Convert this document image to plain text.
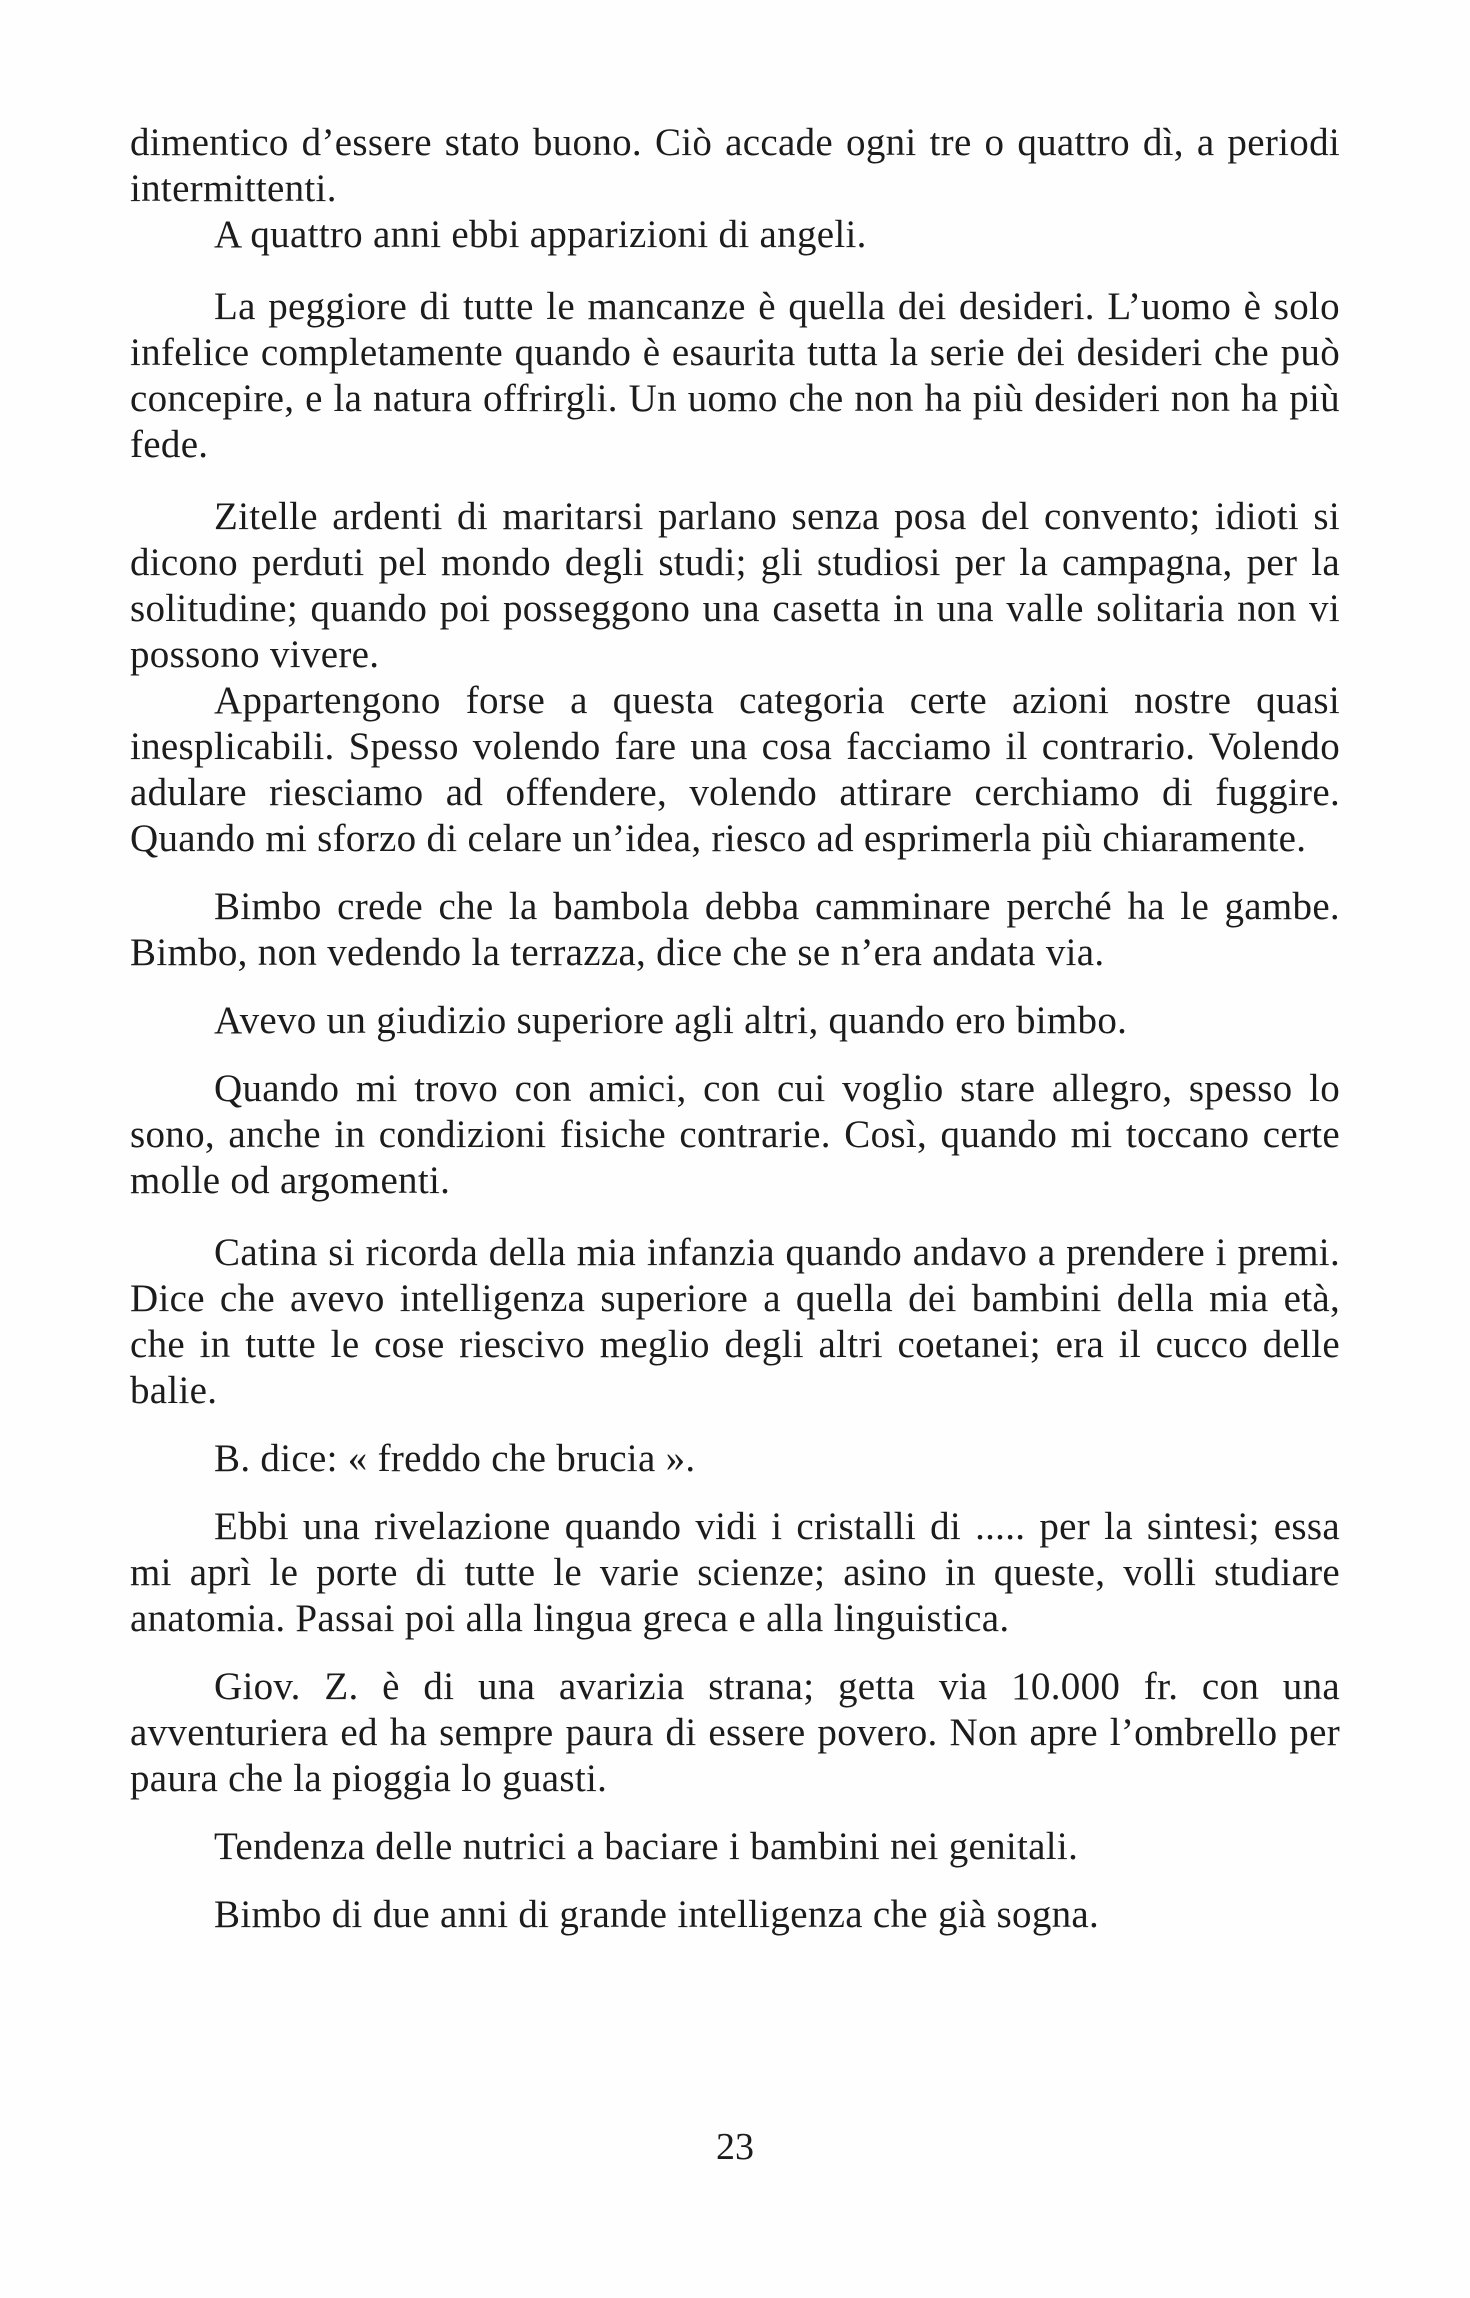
dimentico d’essere stato buono. Ciò accade ogni tre o quattro dì, a periodi intermittenti.

A quattro anni ebbi apparizioni di angeli.

La peggiore di tutte le mancanze è quella dei desideri. L’uomo è solo infelice completamente quando è esaurita tutta la serie dei desideri che può concepire, e la natura offrirgli. Un uomo che non ha più desideri non ha più fede.

Zitelle ardenti di maritarsi parlano senza posa del convento; idioti si dicono perduti pel mondo degli studi; gli studiosi per la campagna, per la solitudine; quando poi posseggono una casetta in una valle solitaria non vi possono vivere.

Appartengono forse a questa categoria certe azioni nostre quasi inesplicabili. Spesso volendo fare una cosa facciamo il contrario. Volendo adulare riesciamo ad offendere, volendo attirare cerchiamo di fuggire. Quando mi sforzo di celare un’idea, riesco ad esprimerla più chiaramente.

Bimbo crede che la bambola debba camminare perché ha le gambe. Bimbo, non vedendo la terrazza, dice che se n’era andata via.

Avevo un giudizio superiore agli altri, quando ero bimbo.

Quando mi trovo con amici, con cui voglio stare allegro, spesso lo sono, anche in condizioni fisiche contrarie. Così, quando mi toccano certe molle od argomenti.

Catina si ricorda della mia infanzia quando andavo a prendere i premi. Dice che avevo intelligenza superiore a quella dei bambini della mia età, che in tutte le cose riescivo meglio degli altri coetanei; era il cucco delle balie.

B. dice: « freddo che brucia ».

Ebbi una rivelazione quando vidi i cristalli di ..... per la sintesi; essa mi aprì le porte di tutte le varie scienze; asino in queste, volli studiare anatomia. Passai poi alla lingua greca e alla linguistica.

Giov. Z. è di una avarizia strana; getta via 10.000 fr. con una avventuriera ed ha sempre paura di essere povero. Non apre l’ombrello per paura che la pioggia lo guasti.

Tendenza delle nutrici a baciare i bambini nei genitali.

Bimbo di due anni di grande intelligenza che già sogna.

23
